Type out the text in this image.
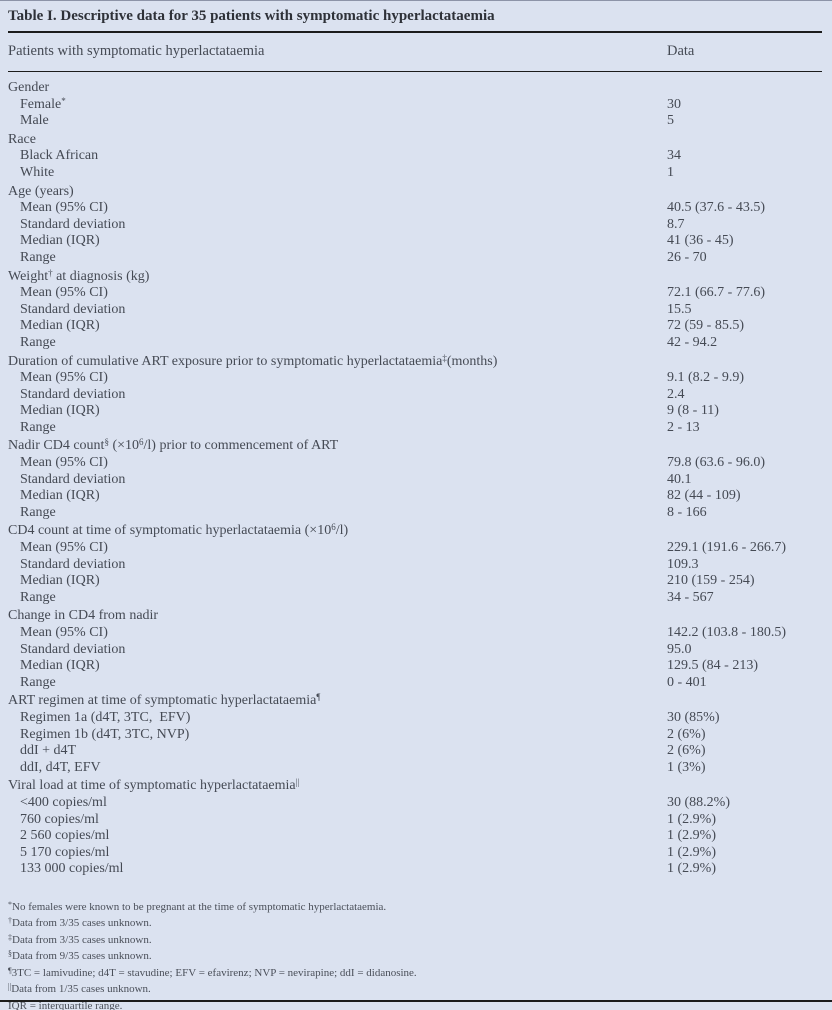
Table I. Descriptive data for 35 patients with symptomatic hyperlactataemia
Patients with symptomatic hyperlactataemia	Data
Gender
Female*	30
Male	5
Race
Black African	34
White	1
Age (years)
Mean (95% CI)	40.5 (37.6 - 43.5)
Standard deviation	8.7
Median (IQR)	41 (36 - 45)
Range	26 - 70
Weight† at diagnosis (kg)
Mean (95% CI)	72.1 (66.7 - 77.6)
Standard deviation	15.5
Median (IQR)	72 (59 - 85.5)
Range	42 - 94.2
Duration of cumulative ART exposure prior to symptomatic hyperlactataemia‡(months)
Mean (95% CI)	9.1 (8.2 - 9.9)
Standard deviation	2.4
Median (IQR)	9 (8 - 11)
Range	2 - 13
Nadir CD4 count§ $(\times 10^6/l)$ prior to commencement of ART
Mean (95% CI)	79.8 (63.6 - 96.0)
Standard deviation	40.1
Median (IQR)	82 (44 - 109)
Range	8 - 166
CD4 count at time of symptomatic hyperlactataemia $(\times 10^6/l)$
Mean (95% CI)	229.1 (191.6 - 266.7)
Standard deviation	109.3
Median (IQR)	210 (159 - 254)
Range	34 - 567
Change in CD4 from nadir
Mean (95% CI)	142.2 (103.8 - 180.5)
Standard deviation	95.0
Median (IQR)	129.5 (84 - 213)
Range	0 - 401
ART regimen at time of symptomatic hyperlactataemia¶
Regimen 1a (d4T, 3TC,  EFV)	30 (85%)
Regimen 1b (d4T, 3TC, NVP)	2 (6%)
ddI + d4T	2 (6%)
ddI, d4T, EFV	1 (3%)
Viral load at time of symptomatic hyperlactataemia||
<400 copies/ml	30 (88.2%)
760 copies/ml	1 (2.9%)
2 560 copies/ml	1 (2.9%)
5 170 copies/ml	1 (2.9%)
133 000 copies/ml	1 (2.9%)
*No females were known to be pregnant at the time of symptomatic hyperlactataemia.
†Data from 3/35 cases unknown.
‡Data from 3/35 cases unknown.
§Data from 9/35 cases unknown.
¶3TC = lamivudine; d4T = stavudine; EFV = efavirenz; NVP = nevirapine; ddI = didanosine.
||Data from 1/35 cases unknown.
IQR = interquartile range.
